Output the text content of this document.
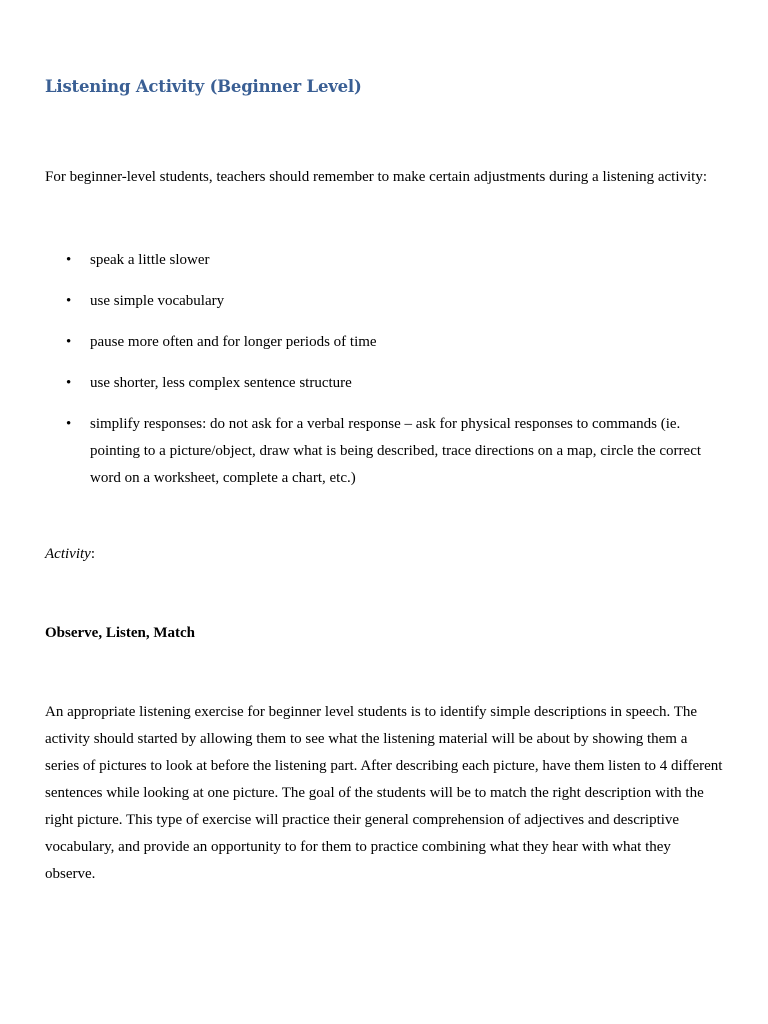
Listening Activity (Beginner Level)

For beginner-level students, teachers should remember to make certain adjustments during a listening activity:

• speak a little slower
• use simple vocabulary
• pause more often and for longer periods of time
• use shorter, less complex sentence structure
• simplify responses: do not ask for a verbal response – ask for physical responses to commands (ie. pointing to a picture/object, draw what is being described, trace directions on a map, circle the correct word on a worksheet, complete a chart, etc.)

Activity:

Observe, Listen, Match

An appropriate listening exercise for beginner level students is to identify simple descriptions in speech. The activity should started by allowing them to see what the listening material will be about by showing them a series of pictures to look at before the listening part. After describing each picture, have them listen to 4 different sentences while looking at one picture. The goal of the students will be to match the right description with the right picture. This type of exercise will practice their general comprehension of adjectives and descriptive vocabulary, and provide an opportunity to for them to practice combining what they hear with what they observe.
